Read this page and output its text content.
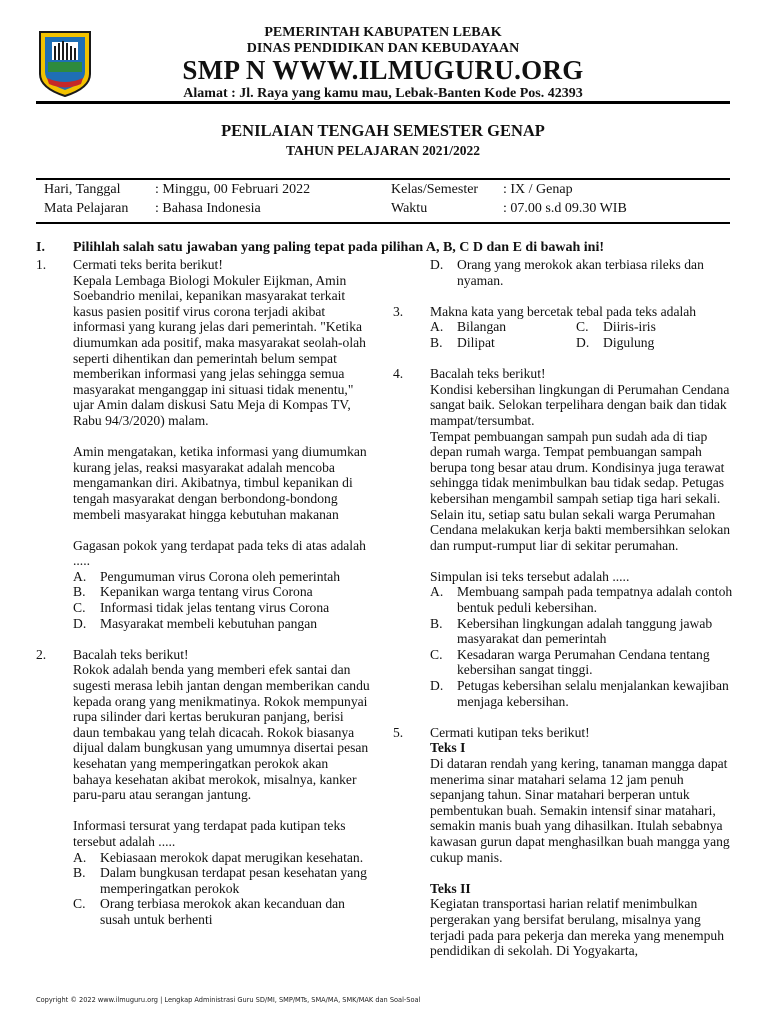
PEMERINTAH KABUPATEN LEBAK
DINAS PENDIDIKAN DAN KEBUDAYAAN
SMP N WWW.ILMUGURU.ORG
Alamat : Jl. Raya yang kamu mau, Lebak-Banten Kode Pos. 42393
PENILAIAN TENGAH SEMESTER GENAP
TAHUN PELAJARAN 2021/2022
Hari, Tanggal : Minggu, 00 Februari 2022	Kelas/Semester : IX / Genap
Mata Pelajaran : Bahasa Indonesia	Waktu	: 07.00 s.d 09.30 WIB
I. Pilihlah salah satu jawaban yang paling tepat pada pilihan A, B, C D dan E di bawah ini!
1. Cermati teks berita berikut!

Kepala Lembaga Biologi Mokuler Eijkman, Amin Soebandrio menilai, kepanikan masyarakat terkait kasus pasien positif virus corona terjadi akibat informasi yang kurang jelas dari pemerintah. "Ketika diumumkan ada positif, maka masyarakat seolah-olah seperti dihentikan dan pemerintah belum sempat memberikan informasi yang jelas sehingga semua masyarakat menganggap ini situasi tidak menentu," ujar Amin dalam diskusi Satu Meja di Kompas TV, Rabu 94/3/2020) malam.

Amin mengatakan, ketika informasi yang diumumkan kurang jelas, reaksi masyarakat adalah mencoba mengamankan diri. Akibatnya, timbul kepanikan di tengah masyarakat dengan berbondong-bondong membeli masyarakat hingga kebutuhan makanan

Gagasan pokok yang terdapat pada teks di atas adalah .....

A. Pengumuman virus Corona oleh pemerintah
B. Kepanikan warga tentang virus Corona
C. Informasi tidak jelas tentang virus Corona
D. Masyarakat membeli kebutuhan pangan
2. Bacalah teks berikut!

Rokok adalah benda yang memberi efek santai dan sugesti merasa lebih jantan dengan memberikan candu kepada orang yang menikmatinya. Rokok mempunyai rupa silinder dari kertas berukuran panjang, berisi daun tembakau yang telah dicacah. Rokok biasanya dijual dalam bungkusan yang umumnya disertai pesan kesehatan yang memperingatkan perokok akan bahaya kesehatan akibat merokok, misalnya, kanker paru-paru atau serangan jantung.

Informasi tersurat yang terdapat pada kutipan teks tersebut adalah .....

A. Kebiasaan merokok dapat merugikan kesehatan.
B. Dalam bungkusan terdapat pesan kesehatan yang memperingatkan perokok
C. Orang terbiasa merokok akan kecanduan dan susah untuk berhenti
D. Orang yang merokok akan terbiasa rileks dan nyaman.
3. Makna kata yang bercetak tebal pada teks adalah

A. Bilangan	C. Diiris-iris
B. Dilipat	D. Digulung
4. Bacalah teks berikut!

Kondisi kebersihan lingkungan di Perumahan Cendana sangat baik. Selokan terpelihara dengan baik dan tidak mampat/tersumbat.

Tempat pembuangan sampah pun sudah ada di tiap depan rumah warga. Tempat pembuangan sampah berupa tong besar atau drum. Kondisinya juga terawat sehingga tidak menimbulkan bau tidak sedap. Petugas kebersihan mengambil sampah setiap tiga hari sekali. Selain itu, setiap satu bulan sekali warga Perumahan Cendana melakukan kerja bakti membersihkan selokan dan rumput-rumput liar di sekitar perumahan.

Simpulan isi teks tersebut adalah .....

A. Membuang sampah pada tempatnya adalah contoh bentuk peduli kebersihan.
B. Kebersihan lingkungan adalah tanggung jawab masyarakat dan pemerintah
C. Kesadaran warga Perumahan Cendana tentang kebersihan sangat tinggi.
D. Petugas kebersihan selalu menjalankan kewajiban menjaga kebersihan.
5. Cermati kutipan teks berikut!

Teks I

Di dataran rendah yang kering, tanaman mangga dapat menerima sinar matahari selama 12 jam penuh sepanjang tahun. Sinar matahari berperan untuk pembentukan buah. Semakin intensif sinar matahari, semakin manis buah yang dihasilkan. Itulah sebabnya kawasan gurun dapat menghasilkan buah mangga yang cukup manis.

Teks II

Kegiatan transportasi harian relatif menimbulkan pergerakan yang bersifat berulang, misalnya yang terjadi pada para pekerja dan mereka yang menempuh pendidikan di sekolah. Di Yogyakarta,

Copyright © 2022 www.ilmuguru.org | Lengkap Administrasi Guru SD/MI, SMP/MTs, SMA/MA, SMK/MAK dan Soal-Soal
